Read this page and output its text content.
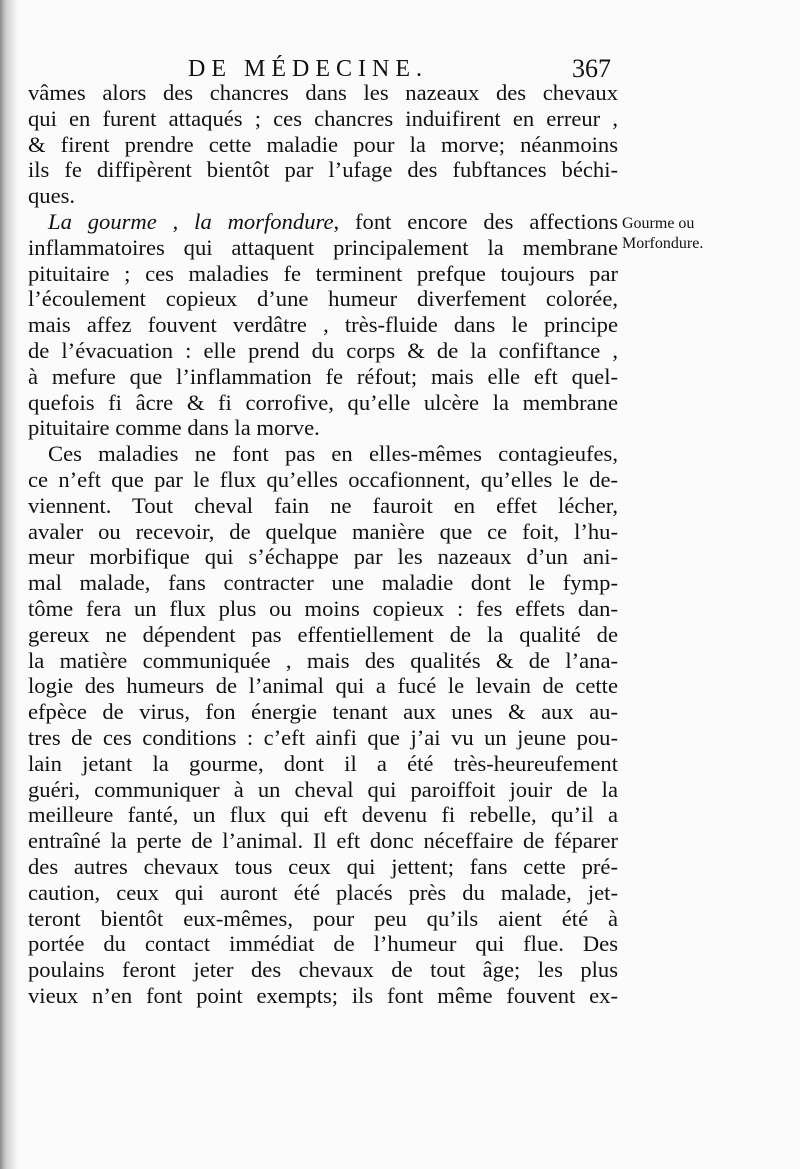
DE MÉDECINE.	367
Gourme ou
Morfondure.
vâmes alors des chancres dans les nazeaux des chevaux
qui en furent attaqués ; ces chancres induifirent en erreur ,
& firent prendre cette maladie pour la morve; néanmoins
ils fe diffipèrent bientôt par l’ufage des fubftances béchi-
ques.
La gourme , la morfondure, font encore des affections
inflammatoires qui attaquent principalement la membrane
pituitaire ; ces maladies fe terminent prefque toujours par
l’écoulement copieux d’une humeur diverfement colorée,
mais affez fouvent verdâtre , très-fluide dans le principe
de l’évacuation : elle prend du corps & de la confiftance ,
à mefure que l’inflammation fe réfout; mais elle eft quel-
quefois fi âcre & fi corrofive, qu’elle ulcère la membrane
pituitaire comme dans la morve.
Ces maladies ne font pas en elles-mêmes contagieufes,
ce n’eft que par le flux qu’elles occafionnent, qu’elles le de-
viennent. Tout cheval fain ne fauroit en effet lécher,
avaler ou recevoir, de quelque manière que ce foit, l’hu-
meur morbifique qui s’échappe par les nazeaux d’un ani-
mal malade, fans contracter une maladie dont le fymp-
tôme fera un flux plus ou moins copieux : fes effets dan-
gereux ne dépendent pas effentiellement de la qualité de
la matière communiquée , mais des qualités & de l’ana-
logie des humeurs de l’animal qui a fucé le levain de cette
efpèce de virus, fon énergie tenant aux unes & aux au-
tres de ces conditions : c’eft ainfi que j’ai vu un jeune pou-
lain jetant la gourme, dont il a été très-heureufement
guéri, communiquer à un cheval qui paroiffoit jouir de la
meilleure fanté, un flux qui eft devenu fi rebelle, qu’il a
entraîné la perte de l’animal. Il eft donc néceffaire de féparer
des autres chevaux tous ceux qui jettent; fans cette pré-
caution, ceux qui auront été placés près du malade, jet-
teront bientôt eux-mêmes, pour peu qu’ils aient été à
portée du contact immédiat de l’humeur qui flue. Des
poulains feront jeter des chevaux de tout âge; les plus
vieux n’en font point exempts; ils font même fouvent ex-
